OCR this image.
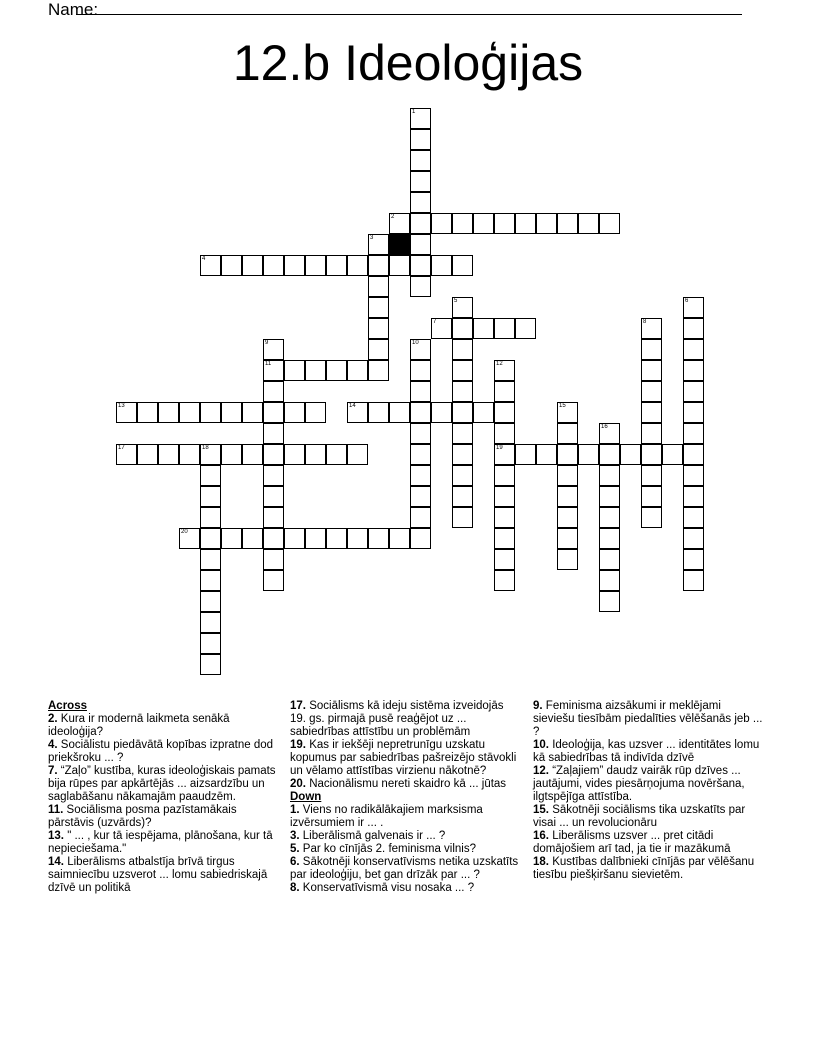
Name:
12.b Ideoloģijas
1
2
3
4
5	6
7	8
9
11
10
12
19
13	14	15
16
17	18
20
Across
2. Kura ir modernā laikmeta senākā ideoloģija?
4. Sociālistu piedāvātā kopības izpratne dod priekšroku ... ?
7. “Zaļo” kustība, kuras ideoloģiskais pamats bija rūpes par apkārtējās ... aizsardzību un saglabāšanu nākamajām paaudzēm.
11. Sociālisma posma pazīstamākais pārstāvis (uzvārds)?
13. " ... , kur tā iespējama, plānošana, kur tā nepieciešama."
14. Liberālisms atbalstīja brīvā tirgus saimniecību uzsverot ... lomu sabiedriskajā dzīvē un politikā
17. Sociālisms kā ideju sistēma izveidojās 19. gs. pirmajā pusē reaģējot uz ... sabiedrības attīstību un problēmām
19. Kas ir iekšēji nepretrunīgu uzskatu kopumus par sabiedrības pašreizējo stāvokli un vēlamo attīstības virzienu nākotnē?
20. Nacionālismu nereti skaidro kā ... jūtas
Down
1. Viens no radikālākajiem marksisma izvērsumiem ir ... .
3. Liberālismā galvenais ir ... ?
5. Par ko cīnījās 2. feminisma vilnis?
6. Sākotnēji konservatīvisms netika uzskatīts par ideoloģiju, bet gan drīzāk par ... ?
8. Konservatīvismā visu nosaka ... ?
9. Feminisma aizsākumi ir meklējami sieviešu tiesībām piedalīties vēlēšanās jeb ... ?
10. Ideoloģija, kas uzsver ... identitātes lomu kā sabiedrības tā indivīda dzīvē
12. “Zaļajiem” daudz vairāk rūp dzīves ... jautājumi, vides piesārņojuma novēršana, ilgtspējīga attīstība.
15. Sākotnēji sociālisms tika uzskatīts par visai ... un revolucionāru
16. Liberālisms uzsver ... pret citādi domājošiem arī tad, ja tie ir mazākumā
18. Kustības dalībnieki cīnījās par vēlēšanu tiesību piešķiršanu sievietēm.
